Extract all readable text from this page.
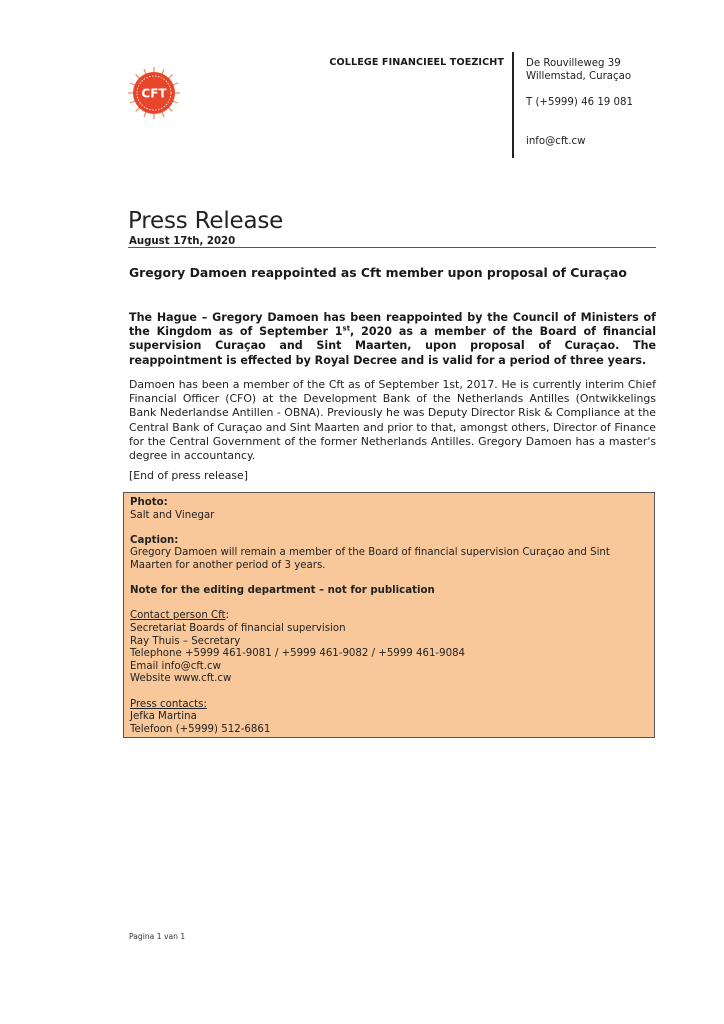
CFT
COLLEGE FINANCIEEL TOEZICHT De Rouvilleweg 39
Willemstad, Curaçao
T (+5999) 46 19 081
info@cft.cw
Press Release
August 17th, 2020
Gregory Damoen reappointed as Cft member upon proposal of Curaçao
The Hague – Gregory Damoen has been reappointed by the Council of Ministers of the Kingdom as of September 1st, 2020 as a member of the Board of financial supervision Curaçao and Sint Maarten, upon proposal of Curaçao. The reappointment is effected by Royal Decree and is valid for a period of three years.
Damoen has been a member of the Cft as of September 1st, 2017. He is currently interim Chief Financial Officer (CFO) at the Development Bank of the Netherlands Antilles (Ontwikkelings Bank Nederlandse Antillen - OBNA). Previously he was Deputy Director Risk & Compliance at the Central Bank of Curaçao and Sint Maarten and prior to that, amongst others, Director of Finance for the Central Government of the former Netherlands Antilles. Gregory Damoen has a master's degree in accountancy.
[End of press release]
Photo:
Salt and Vinegar
Caption:
Gregory Damoen will remain a member of the Board of financial supervision Curaçao and Sint Maarten for another period of 3 years.
Note for the editing department – not for publication
Contact person Cft:
Secretariat Boards of financial supervision
Ray Thuis – Secretary
Telephone +5999 461-9081 / +5999 461-9082 / +5999 461-9084
Email info@cft.cw
Website www.cft.cw
Press contacts:
Jefka Martina
Telefoon (+5999) 512-6861
Pagina 1 van 1
